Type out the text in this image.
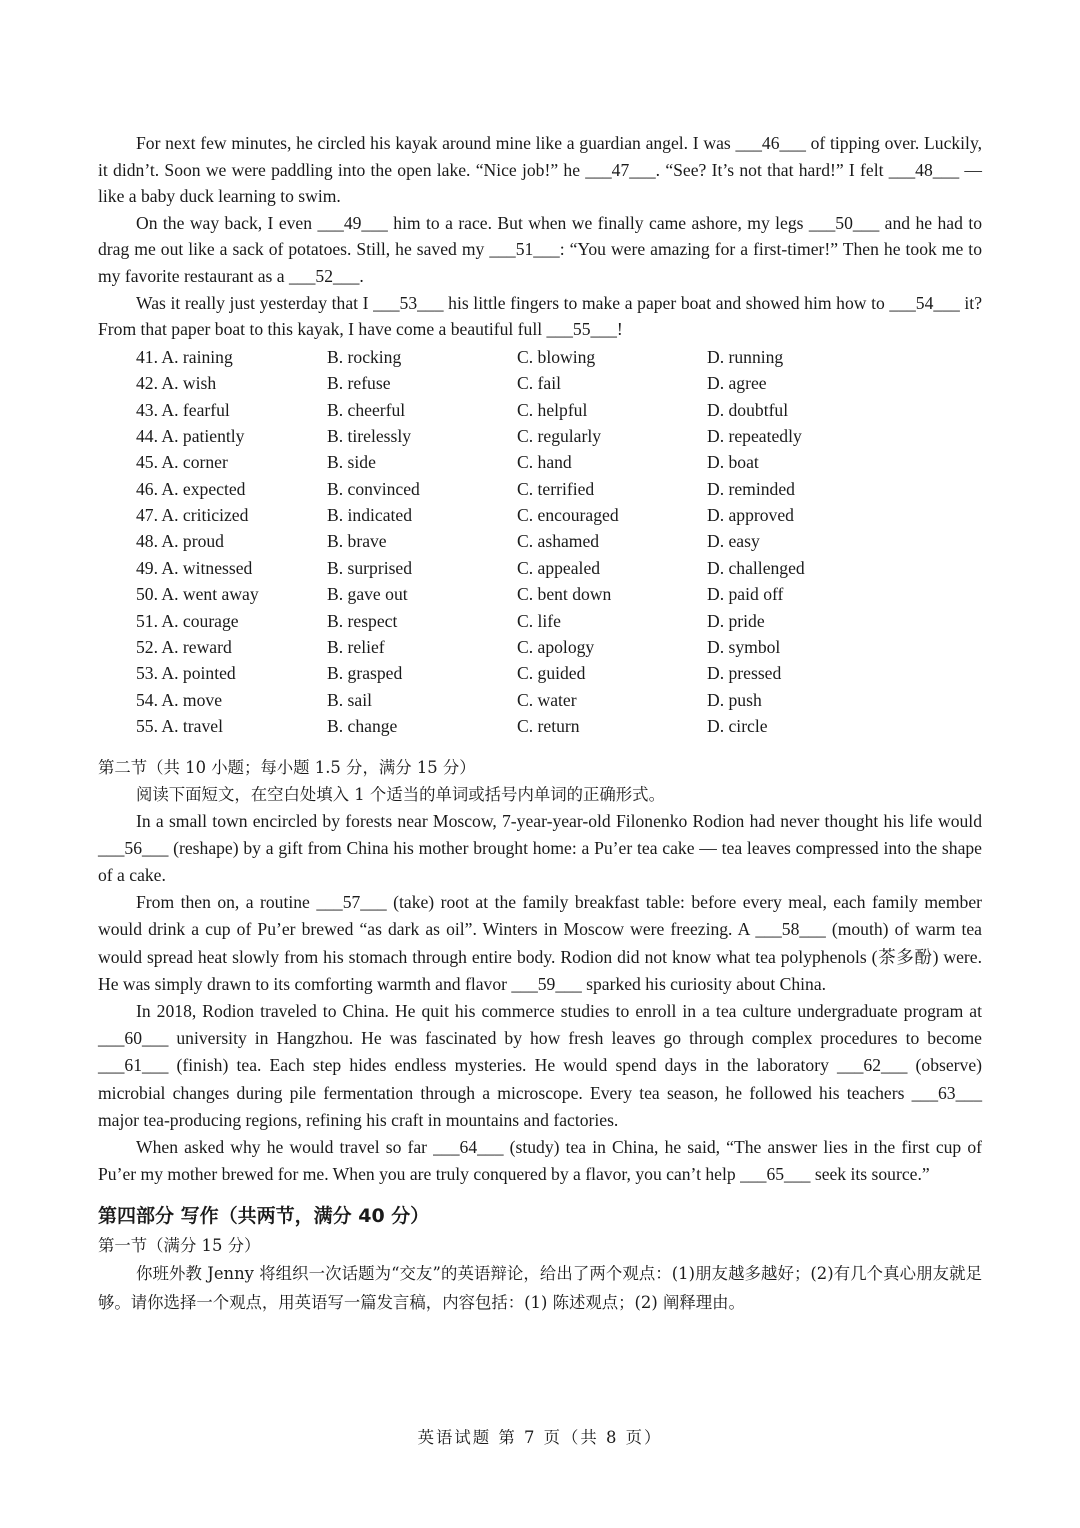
For next few minutes, he circled his kayak around mine like a guardian angel. I was ___46___ of tipping over. Luckily, it didn’t. Soon we were paddling into the open lake. “Nice job!” he ___47___. “See? It’s not that hard!” I felt ___48___ — like a baby duck learning to swim.

On the way back, I even ___49___ him to a race. But when we finally came ashore, my legs ___50___ and he had to drag me out like a sack of potatoes. Still, he saved my ___51___: “You were amazing for a first-timer!” Then he took me to my favorite restaurant as a ___52___.

Was it really just yesterday that I ___53___ his little fingers to make a paper boat and showed him how to ___54___ it? From that paper boat to this kayak, I have come a beautiful full ___55___!

41. A. raining	B. rocking	C. blowing	D. running
42. A. wish	B. refuse	C. fail	D. agree
43. A. fearful	B. cheerful	C. helpful	D. doubtful
44. A. patiently	B. tirelessly	C. regularly	D. repeatedly
45. A. corner	B. side	C. hand	D. boat
46. A. expected	B. convinced	C. terrified	D. reminded
47. A. criticized	B. indicated	C. encouraged	D. approved
48. A. proud	B. brave	C. ashamed	D. easy
49. A. witnessed	B. surprised	C. appealed	D. challenged
50. A. went away	B. gave out	C. bent down	D. paid off
51. A. courage	B. respect	C. life	D. pride
52. A. reward	B. relief	C. apology	D. symbol
53. A. pointed	B. grasped	C. guided	D. pressed
54. A. move	B. sail	C. water	D. push
55. A. travel	B. change	C. return	D. circle

第二节（共 10 小题；每小题 1.5 分，满分 15 分）

阅读下面短文，在空白处填入 1 个适当的单词或括号内单词的正确形式。

In a small town encircled by forests near Moscow, 7-year-year-old Filonenko Rodion had never thought his life would ___56___ (reshape) by a gift from China his mother brought home: a Pu’er tea cake — tea leaves compressed into the shape of a cake.

From then on, a routine ___57___ (take) root at the family breakfast table: before every meal, each family member would drink a cup of Pu’er brewed “as dark as oil”. Winters in Moscow were freezing. A ___58___ (mouth) of warm tea would spread heat slowly from his stomach through entire body. Rodion did not know what tea polyphenols (茶多酚) were. He was simply drawn to its comforting warmth and flavor ___59___ sparked his curiosity about China.

In 2018, Rodion traveled to China. He quit his commerce studies to enroll in a tea culture undergraduate program at ___60___ university in Hangzhou. He was fascinated by how fresh leaves go through complex procedures to become ___61___ (finish) tea. Each step hides endless mysteries. He would spend days in the laboratory ___62___ (observe) microbial changes during pile fermentation through a microscope. Every tea season, he followed his teachers ___63___ major tea-producing regions, refining his craft in mountains and factories.

When asked why he would travel so far ___64___ (study) tea in China, he said, “The answer lies in the first cup of Pu’er my mother brewed for me. When you are truly conquered by a flavor, you can’t help ___65___ seek its source.”

第四部分 写作（共两节，满分 40 分）

第一节（满分 15 分）

你班外教 Jenny 将组织一次话题为“交友”的英语辩论，给出了两个观点：(1)朋友越多越好；(2)有几个真心朋友就足够。请你选择一个观点，用英语写一篇发言稿，内容包括：(1) 陈述观点；(2) 阐释理由。

英语试题 第 7 页（共 8 页）
